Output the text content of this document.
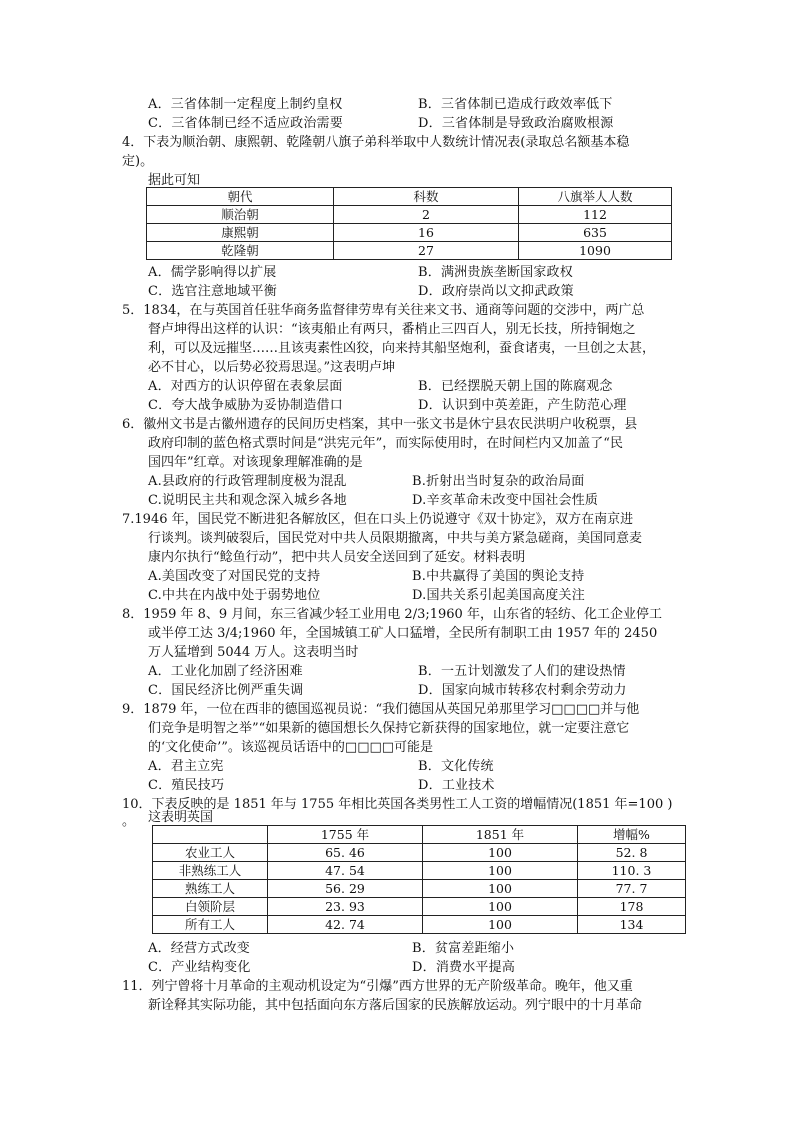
A．三省体制一定程度上制约皇权	B．三省体制已造成行政效率低下
C．三省体制已经不适应政治需要	D．三省体制是导致政治腐败根源
4．下表为顺治朝、康熙朝、乾隆朝八旗子弟科举取中人数统计情况表(录取总名额基本稳
定)。
据此可知
朝代	科数	八旗举人人数
顺治朝	2	112
康熙朝	16	635
乾隆朝	27	1090
A．儒学影响得以扩展	B．满洲贵族垄断国家政权
C．选官注意地域平衡	D．政府崇尚以文抑武政策
5．1834，在与英国首任驻华商务监督律劳卑有关往来文书、通商等问题的交涉中，两广总
督卢坤得出这样的认识：“该夷船止有两只，番梢止三四百人，别无长技，所持铜炮之
利，可以及远摧坚……且该夷素性凶狡，向来持其船坚炮利，蚕食诸夷，一旦创之太甚，
必不甘心，以后势必狡焉思逞。”这表明卢坤
A．对西方的认识停留在表象层面	B．已经摆脱天朝上国的陈腐观念
C．夸大战争威胁为妥协制造借口	D．认识到中英差距，产生防范心理
6．徽州文书是古徽州遗存的民间历史档案，其中一张文书是休宁县农民洪明户收税票，县
政府印制的蓝色格式票时间是“洪宪元年”，而实际使用时，在时间栏内又加盖了“民
国四年”红章。对该现象理解准确的是
A.县政府的行政管理制度极为混乱	B.折射出当时复杂的政治局面
C.说明民主共和观念深入城乡各地	D.辛亥革命未改变中国社会性质
7.1946 年，国民党不断进犯各解放区，但在口头上仍说遵守《双十协定》，双方在南京进
行谈判。谈判破裂后，国民党对中共人员限期撤离，中共与美方紧急磋商，美国同意麦
康内尔执行“鲶鱼行动”，把中共人员安全送回到了延安。材料表明
A.美国改变了对国民党的支持	B.中共赢得了美国的舆论支持
C.中共在内战中处于弱势地位	D.国共关系引起美国高度关注
8．1959 年 8、9 月间，东三省减少轻工业用电 2/3;1960 年，山东省的轻纺、化工企业停工
或半停工达 3/4;1960 年，全国城镇工矿人口猛增，全民所有制职工由 1957 年的 2450
万人猛增到 5044 万人。这表明当时
A．工业化加剧了经济困难	B．一五计划激发了人们的建设热情
C．国民经济比例严重失调	D．国家向城市转移农村剩余劳动力
9．1879 年，一位在西非的德国巡视员说：“我们德国从英国兄弟那里学习□□□□并与他
们竞争是明智之举”“如果新的德国想长久保持它新获得的国家地位，就一定要注意它
的‘文化使命’”。该巡视员话语中的□□□□可能是
A．君主立宪	B．文化传统
C．殖民技巧	D．工业技术
10．下表反映的是 1851 年与 1755 年相比英国各类男性工人工资的增幅情况(1851 年=100 )
。 这表明英国
	1755 年	1851 年	增幅%
农业工人	65. 46	100	52. 8
非熟练工人	47. 54	100	110. 3
熟练工人	56. 29	100	77. 7
白领阶层	23. 93	100	178
所有工人	42. 74	100	134
A．经营方式改变	B．贫富差距缩小
C．产业结构变化	D．消费水平提高
11．列宁曾将十月革命的主观动机设定为“引爆”西方世界的无产阶级革命。晚年，他又重
新诠释其实际功能，其中包括面向东方落后国家的民族解放运动。列宁眼中的十月革命
